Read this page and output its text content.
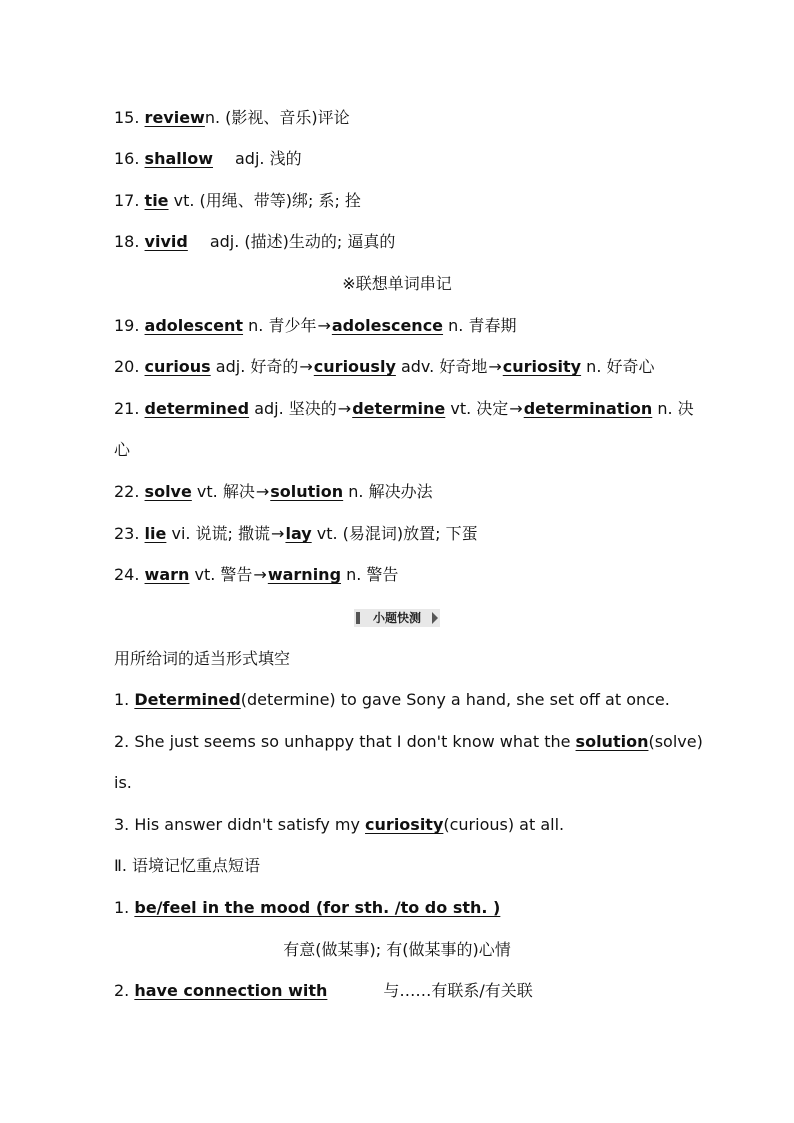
15. reviewn. (影视、音乐)评论
16. shallow adj. 浅的
17. tie vt. (用绳、带等)绑; 系; 拴
18. vivid adj. (描述)生动的; 逼真的
※联想单词串记
19. adolescent n. 青少年→adolescence n. 青春期
20. curious adj. 好奇的→curiously adv. 好奇地→curiosity n. 好奇心
21. determined adj. 坚决的→determine vt. 决定→determination n. 决
心
22. solve vt. 解决→solution n. 解决办法
23. lie vi. 说谎; 撒谎→lay vt. (易混词)放置; 下蛋
24. warn vt. 警告→warning n. 警告
小题快测
用所给词的适当形式填空
1. Determined(determine) to gave Sony a hand, she set off at once.
2. She just seems so unhappy that I don't know what the solution(solve)
is.
3. His answer didn't satisfy my curiosity(curious) at all.
Ⅱ. 语境记忆重点短语
1. be/feel in the mood (for sth. /to do sth. )
有意(做某事); 有(做某事的)心情
2. have connection with	与……有联系/有关联
